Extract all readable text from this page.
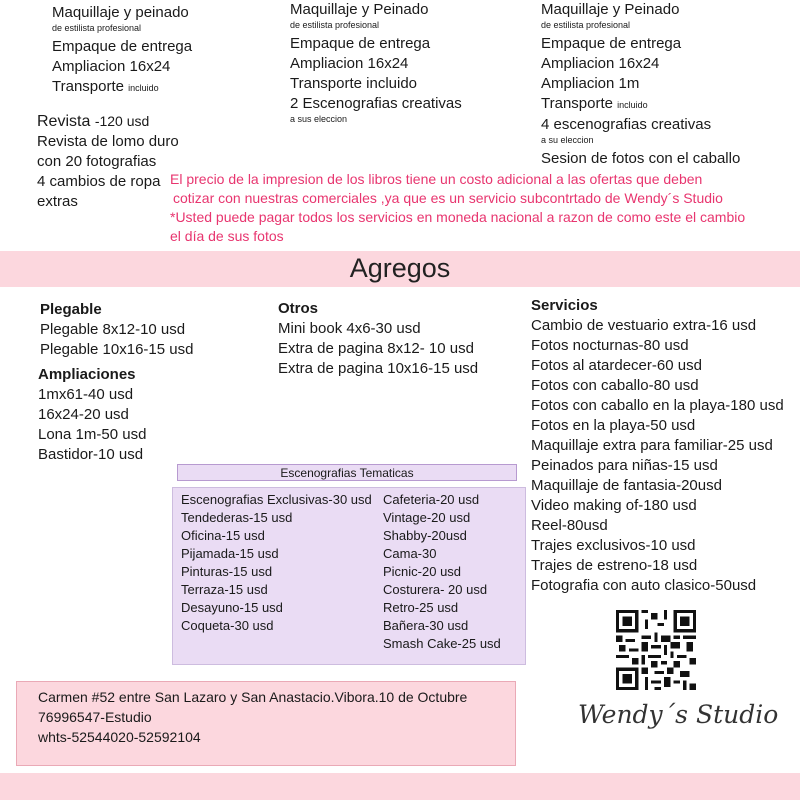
Maquillaje y peinado
de estilista profesional
Empaque de entrega
Ampliacion 16x24
Transporte incluido
Revista -120 usd
Revista de lomo duro
con 20 fotografias
4 cambios de ropa
extras
Maquillaje y Peinado
de estilista profesional
Empaque de entrega
Ampliacion 16x24
Transporte incluido
2 Escenografias creativas
a sus eleccion
Maquillaje y Peinado
de estilista profesional
Empaque de entrega
Ampliacion 16x24
Ampliacion 1m
Transporte incluido
4 escenografias creativas
a su eleccion
Sesion de fotos con el caballo
El precio de la impresion de los libros tiene un costo adicional a las ofertas que deben
cotizar con nuestras comerciales ,ya que es un servicio subcontrtado de Wendy´s Studio
*Usted puede pagar todos los servicios en moneda nacional a razon de como este el cambio
el día de sus fotos
Agregos
Plegable
Plegable 8x12-10 usd
Plegable 10x16-15 usd
Ampliaciones
1mx61-40 usd
16x24-20 usd
Lona 1m-50 usd
Bastidor-10 usd
Otros
Mini book 4x6-30 usd
Extra de pagina 8x12- 10 usd
Extra de pagina 10x16-15 usd
Servicios
Cambio de vestuario extra-16 usd
Fotos nocturnas-80 usd
Fotos al atardecer-60 usd
Fotos con caballo-80 usd
Fotos con caballo en la playa-180 usd
Fotos en la playa-50 usd
Maquillaje extra para familiar-25 usd
Peinados para niñas-15 usd
Maquillaje de fantasia-20usd
Video making of-180 usd
Reel-80usd
Trajes exclusivos-10 usd
Trajes de estreno-18 usd
Fotografia con auto clasico-50usd
Escenografias Tematicas
Escenografias Exclusivas-30 usd
Tendederas-15 usd
Oficina-15 usd
Pijamada-15 usd
Pinturas-15 usd
Terraza-15 usd
Desayuno-15 usd
Coqueta-30 usd
Cafeteria-20 usd
Vintage-20 usd
Shabby-20usd
Cama-30
Picnic-20 usd
Costurera- 20 usd
Retro-25 usd
Bañera-30 usd
Smash Cake-25 usd
Wendy´s Studio
Carmen #52 entre San Lazaro y San Anastacio.Vibora.10 de Octubre
76996547-Estudio
whts-52544020-52592104
